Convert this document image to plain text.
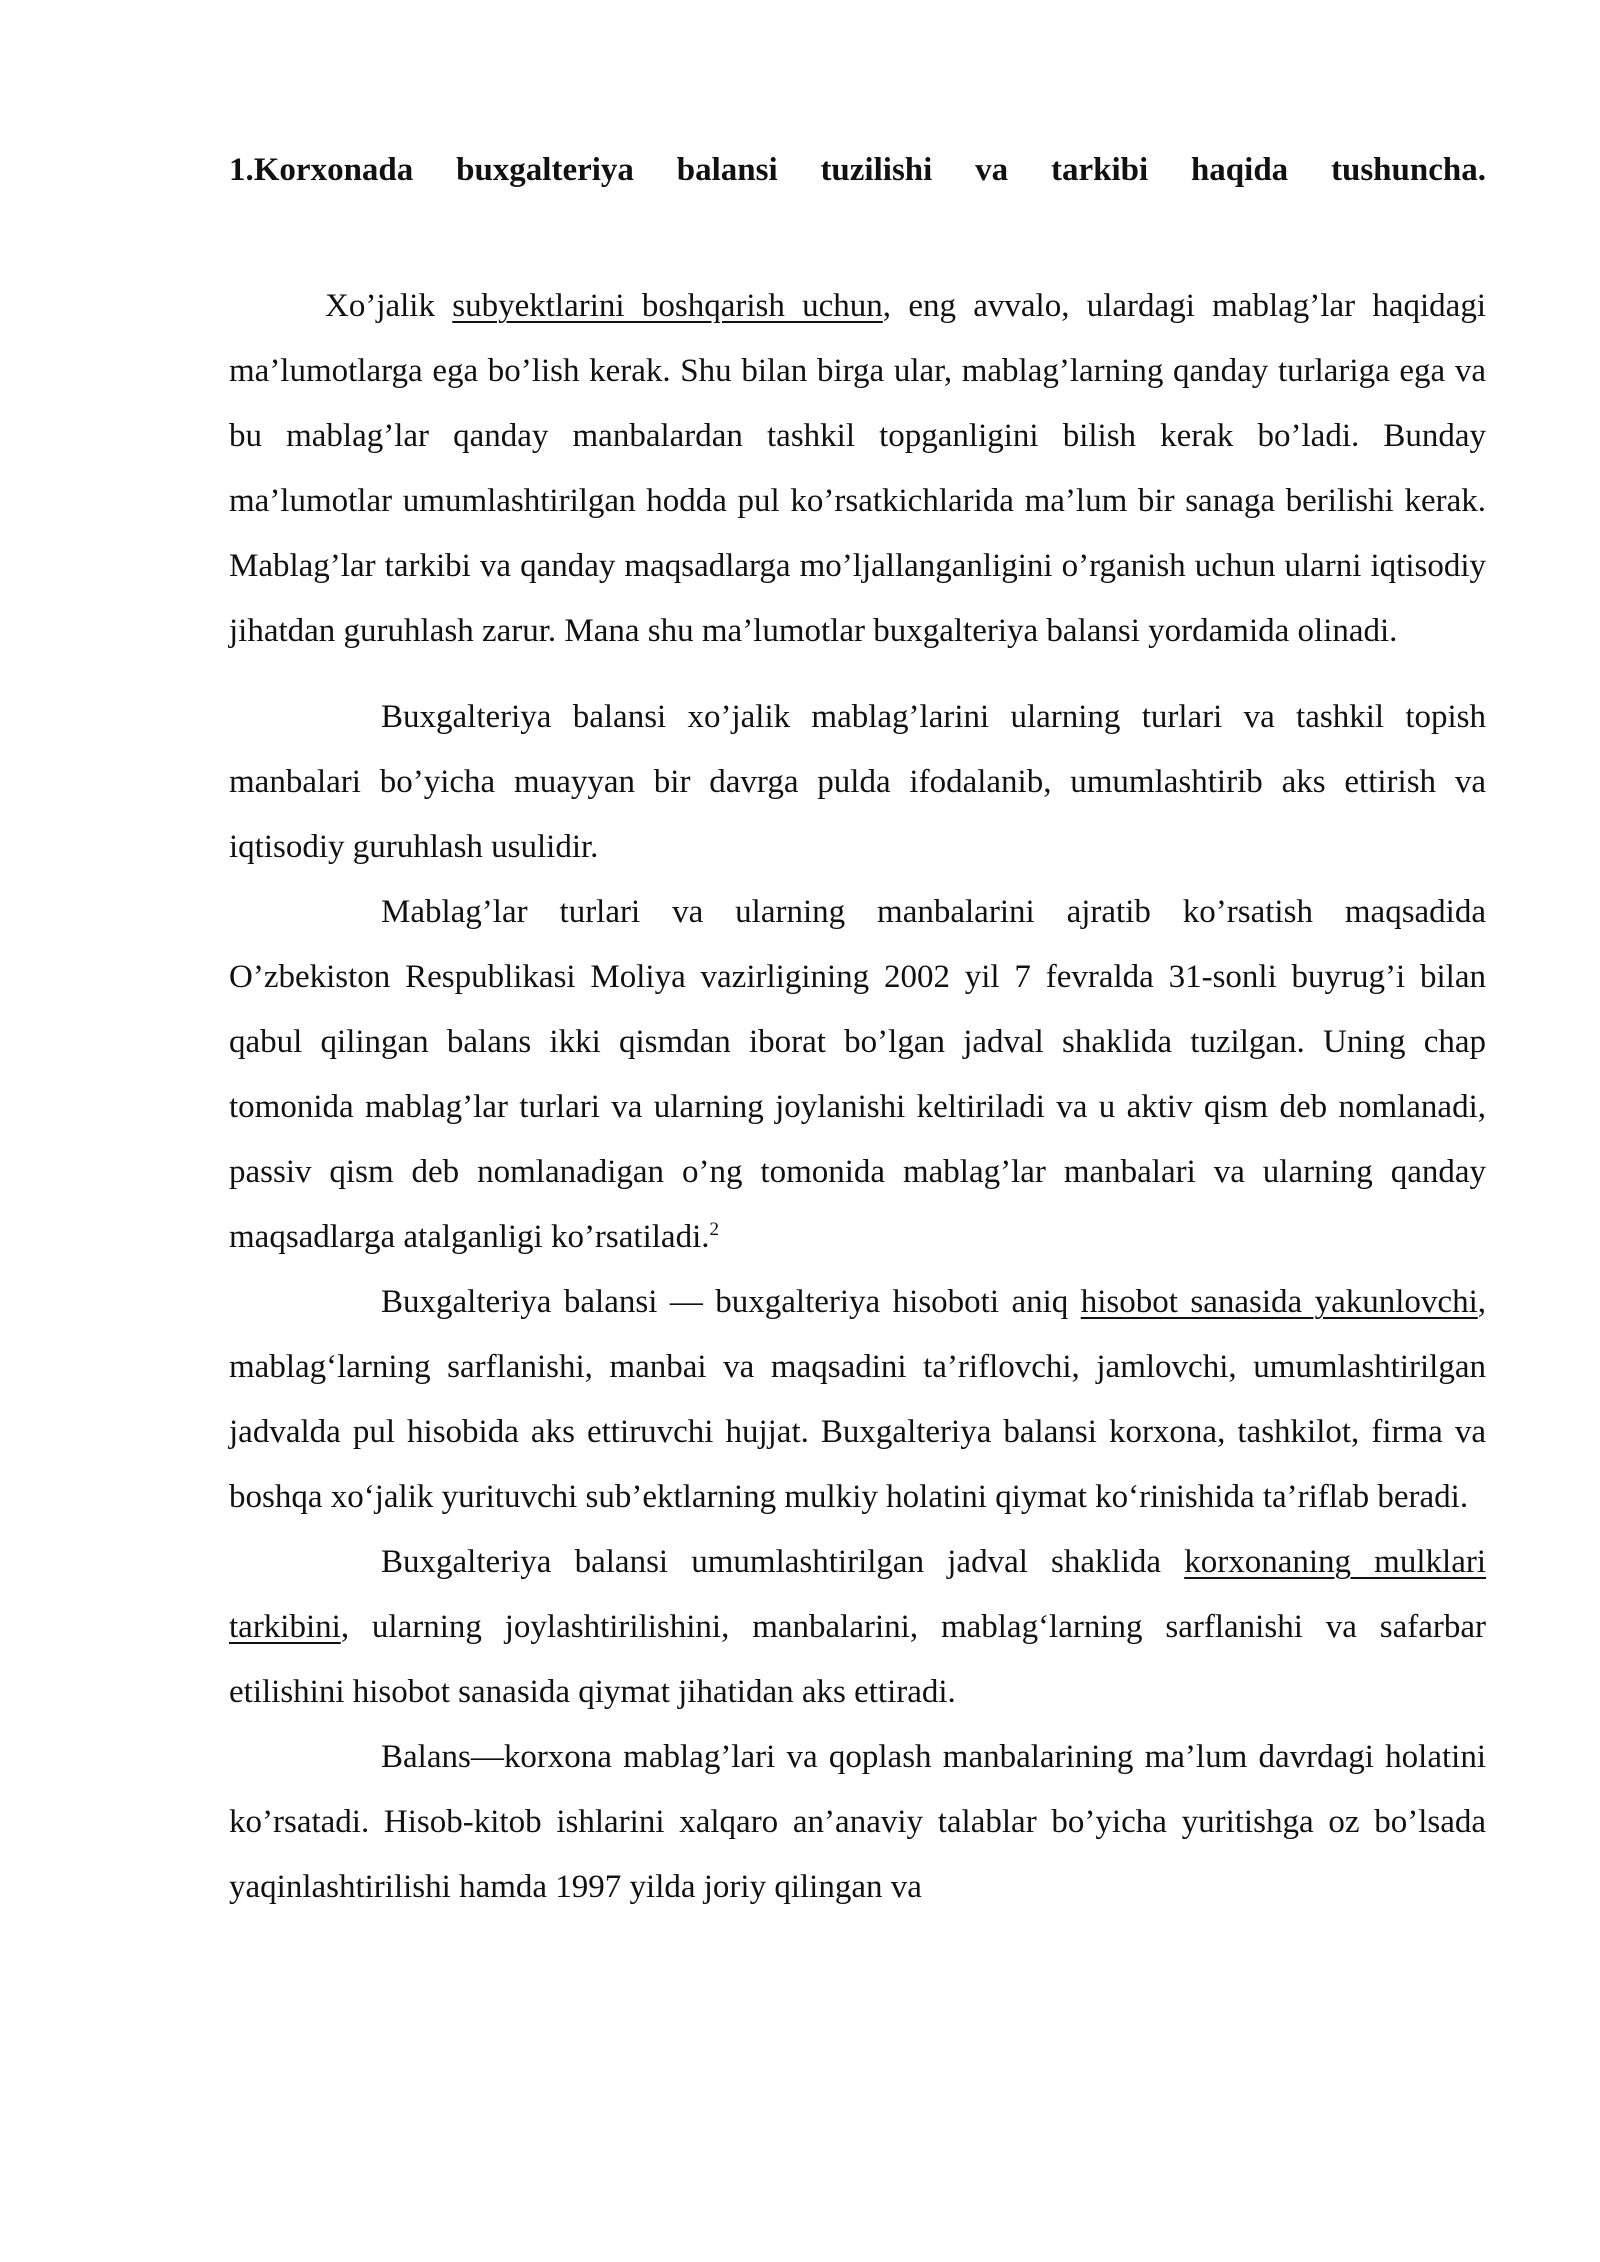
1.Korxonada buxgalteriya balansi tuzilishi va tarkibi haqida tushuncha.

Xo’jalik subyektlarini boshqarish uchun, eng avvalo, ulardagi mablag’lar haqidagi ma’lumotlarga ega bo’lish kerak. Shu bilan birga ular, mablag’larning qanday turlariga ega va bu mablag’lar qanday manbalardan tashkil topganligini bilish kerak bo’ladi. Bunday ma’lumotlar umumlashtirilgan hodda pul ko’rsatkichlarida ma’lum bir sanaga berilishi kerak. Mablag’lar tarkibi va qanday maqsadlarga mo’ljallanganligini o’rganish uchun ularni iqtisodiy jihatdan guruhlash zarur. Mana shu ma’lumotlar buxgalteriya balansi yordamida olinadi.

Buxgalteriya balansi xo’jalik mablag’larini ularning turlari va tashkil topish manbalari bo’yicha muayyan bir davrga pulda ifodalanib, umumlashtirib aks ettirish va iqtisodiy guruhlash usulidir.

Mablag’lar turlari va ularning manbalarini ajratib ko’rsatish maqsadida O’zbekiston Respublikasi Moliya vazirligining 2002 yil 7 fevralda 31-sonli buyrug’i bilan qabul qilingan balans ikki qismdan iborat bo’lgan jadval shaklida tuzilgan. Uning chap tomonida mablag’lar turlari va ularning joylanishi keltiriladi va u aktiv qism deb nomlanadi, passiv qism deb nomlanadigan o’ng tomonida mablag’lar manbalari va ularning qanday maqsadlarga atalganligi ko’rsatiladi.$^2$

Buxgalteriya balansi — buxgalteriya hisoboti aniq hisobot sanasida yakunlovchi, mablag‘larning sarflanishi, manbai va maqsadini ta’riflovchi, jamlovchi, umumlashtirilgan jadvalda pul hisobida aks ettiruvchi hujjat. Buxgalteriya balansi korxona, tashkilot, firma va boshqa xo‘jalik yurituvchi sub’ektlarning mulkiy holatini qiymat ko‘rinishida ta’riflab beradi.

Buxgalteriya balansi umumlashtirilgan jadval shaklida korxonaning mulklari tarkibini, ularning joylashtirilishini, manbalarini, mablag‘larning sarflanishi va safarbar etilishini hisobot sanasida qiymat jihatidan aks ettiradi.

Balans—korxona mablag’lari va qoplash manbalarining ma’lum davrdagi holatini ko’rsatadi. Hisob-kitob ishlarini xalqaro an’anaviy talablar bo’yicha yuritishga oz bo’lsada yaqinlashtirilishi hamda 1997 yilda joriy qilingan va
